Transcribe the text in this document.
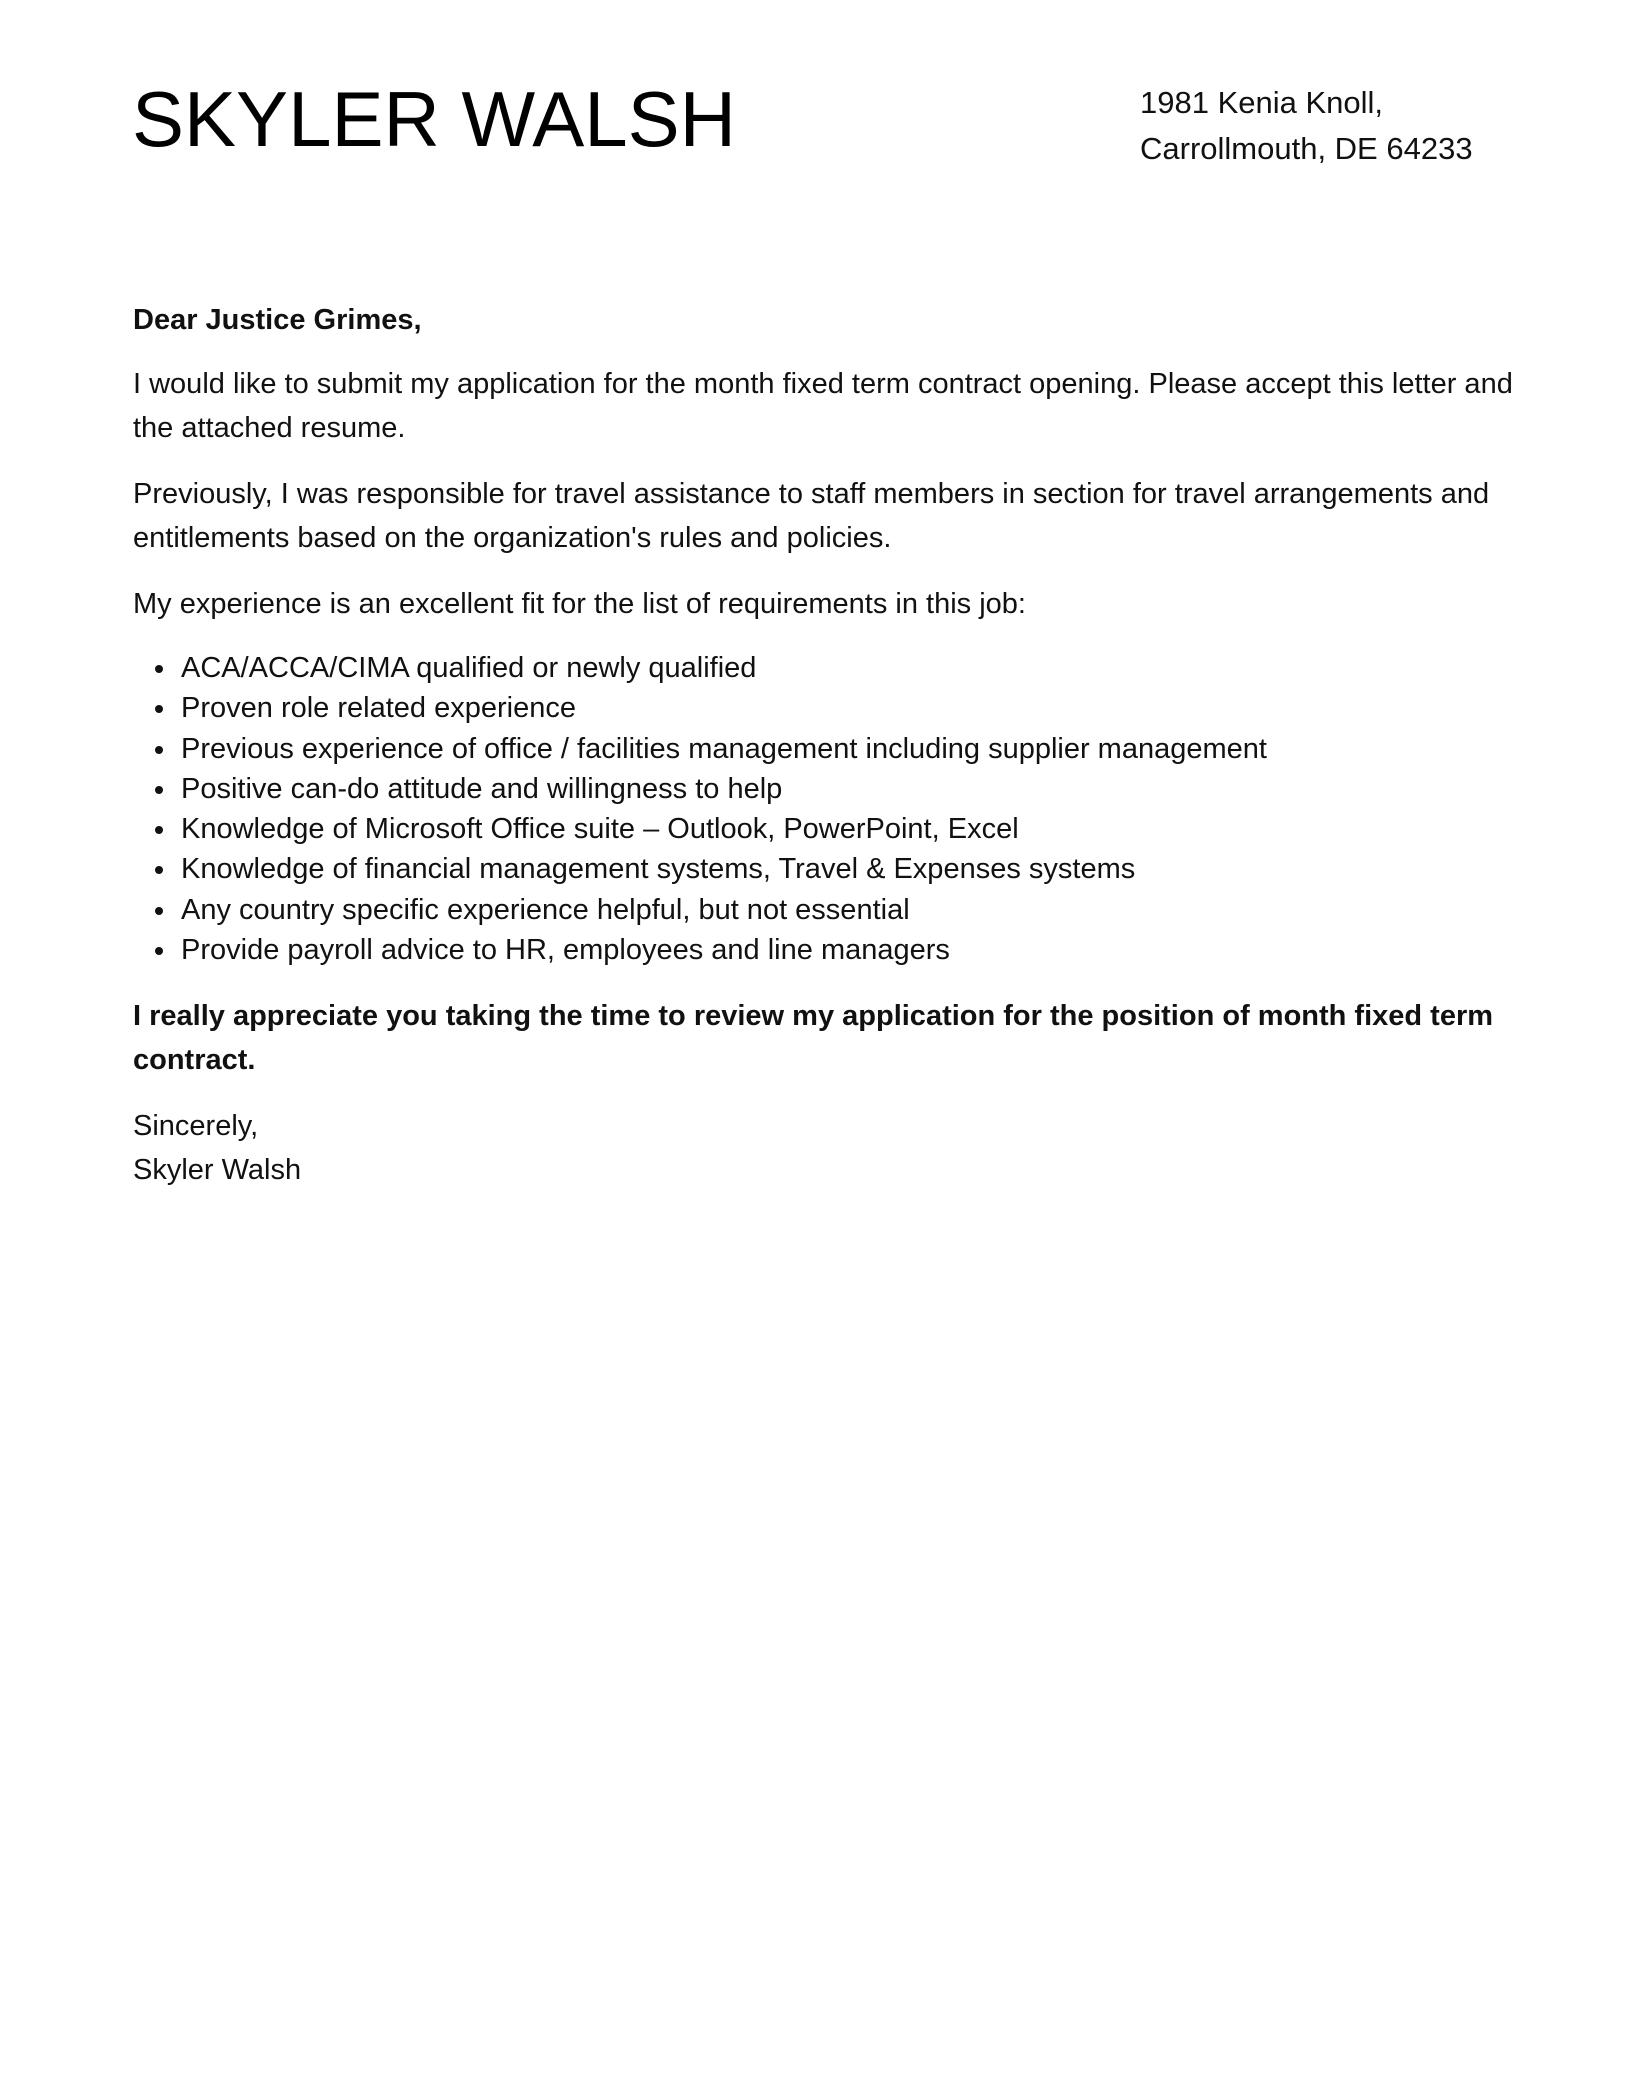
SKYLER WALSH	1981 Kenia Knoll,
Carrollmouth, DE 64233

Dear Justice Grimes,

I would like to submit my application for the month fixed term contract opening. Please accept this letter and the attached resume.

Previously, I was responsible for travel assistance to staff members in section for travel arrangements and entitlements based on the organization's rules and policies.

My experience is an excellent fit for the list of requirements in this job:

ACA/ACCA/CIMA qualified or newly qualified
Proven role related experience
Previous experience of office / facilities management including supplier management
Positive can-do attitude and willingness to help
Knowledge of Microsoft Office suite – Outlook, PowerPoint, Excel
Knowledge of financial management systems, Travel & Expenses systems
Any country specific experience helpful, but not essential
Provide payroll advice to HR, employees and line managers

I really appreciate you taking the time to review my application for the position of month fixed term contract.

Sincerely,
Skyler Walsh
